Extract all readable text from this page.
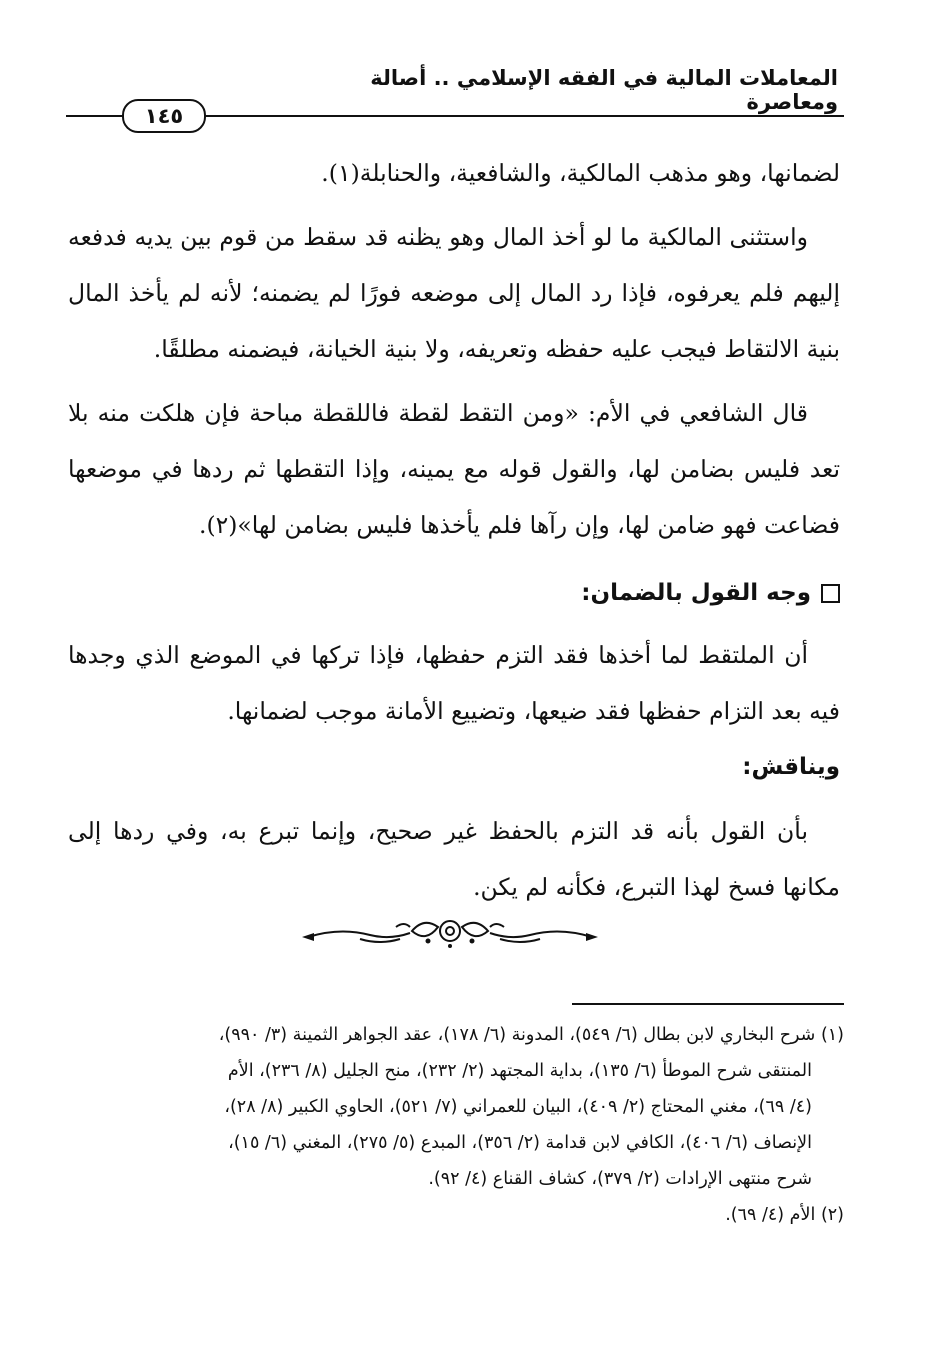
المعاملات المالية في الفقه الإسلامي .. أصالة ومعاصرة
١٤٥

لضمانها، وهو مذهب المالكية، والشافعية، والحنابلة(١).

واستثنى المالكية ما لو أخذ المال وهو يظنه قد سقط من قوم بين يديه فدفعه إليهم فلم يعرفوه، فإذا رد المال إلى موضعه فورًا لم يضمنه؛ لأنه لم يأخذ المال بنية الالتقاط فيجب عليه حفظه وتعريفه، ولا بنية الخيانة، فيضمنه مطلقًا.

قال الشافعي في الأم: «ومن التقط لقطة فاللقطة مباحة فإن هلكت منه بلا تعد فليس بضامن لها، والقول قوله مع يمينه، وإذا التقطها ثم ردها في موضعها فضاعت فهو ضامن لها، وإن رآها فلم يأخذها فليس بضامن لها»(٢).

وجه القول بالضمان:

أن الملتقط لما أخذها فقد التزم حفظها، فإذا تركها في الموضع الذي وجدها فيه بعد التزام حفظها فقد ضيعها، وتضييع الأمانة موجب لضمانها.

ويناقش:

بأن القول بأنه قد التزم بالحفظ غير صحيح، وإنما تبرع به، وفي ردها إلى مكانها فسخ لهذا التبرع، فكأنه لم يكن.

(١) شرح البخاري لابن بطال (٦/ ٥٤٩)، المدونة (٦/ ١٧٨)، عقد الجواهر الثمينة (٣/ ٩٩٠)،

المنتقى شرح الموطأ (٦/ ١٣٥)، بداية المجتهد (٢/ ٢٣٢)، منح الجليل (٨/ ٢٣٦)، الأم

(٤/ ٦٩)، مغني المحتاج (٢/ ٤٠٩)، البيان للعمراني (٧/ ٥٢١)، الحاوي الكبير (٨/ ٢٨)،

الإنصاف (٦/ ٤٠٦)، الكافي لابن قدامة (٢/ ٣٥٦)، المبدع (٥/ ٢٧٥)، المغني (٦/ ١٥)،

شرح منتهى الإرادات (٢/ ٣٧٩)، كشاف القناع (٤/ ٩٢).

(٢) الأم (٤/ ٦٩).
